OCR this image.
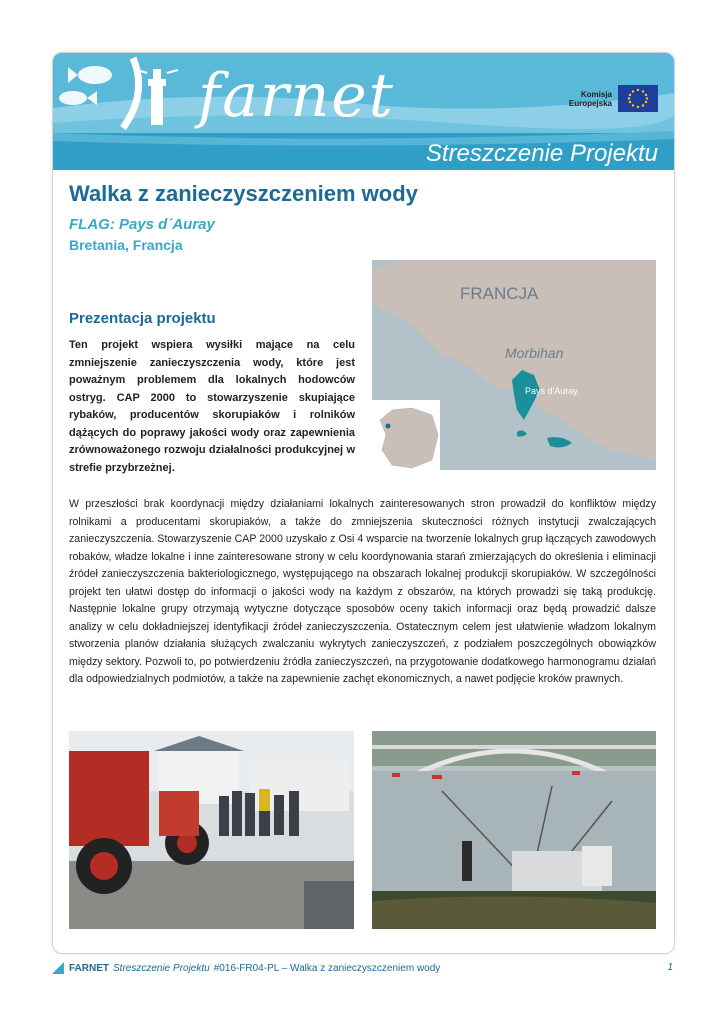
farnet	Komisja
Europejska
Streszczenie Projektu
Walka z zanieczyszczeniem wody
FLAG: Pays d´Auray
Bretania, Francja
Prezentacja projektu
Ten projekt wspiera wysiłki mające na celu zmniejszenie zanieczyszczenia wody, które jest poważnym problemem dla lokalnych hodowców ostryg. CAP 2000 to stowarzyszenie skupiające rybaków, producentów skorupiaków i rolników dążących do poprawy jakości wody oraz zapewnienia zrównoważonego rozwoju działalności produkcyjnej w strefie przybrzeżnej.
FRANCJA
Morbihan
Pays d'Auray
W przeszłości brak koordynacji między działaniami lokalnych zainteresowanych stron prowadził do konfliktów między rolnikami a producentami skorupiaków, a także do zmniejszenia skuteczności różnych instytucji zwalczających zanieczyszczenia. Stowarzyszenie CAP 2000 uzyskało z Osi 4 wsparcie na tworzenie lokalnych grup łączących zawodowych robaków, władze lokalne i inne zainteresowane strony w celu koordynowania starań zmierzających do określenia i eliminacji źródeł zanieczyszczenia bakteriologicznego, występującego na obszarach lokalnej produkcji skorupiaków. W szczególności projekt ten ułatwi dostęp do informacji o jakości wody na każdym z obszarów, na których prowadzi się taką produkcję. Następnie lokalne grupy otrzymają wytyczne dotyczące sposobów oceny takich informacji oraz będą prowadzić dalsze analizy w celu dokładniejszej identyfikacji źródeł zanieczyszczenia. Ostatecznym celem jest ułatwienie władzom lokalnym stworzenia planów działania służących zwalczaniu wykrytych zanieczyszczeń, z podziałem poszczególnych obowiązków między sektory. Pozwoli to, po potwierdzeniu źródła zanieczyszczeń, na przygotowanie dodatkowego harmonogramu działań dla odpowiedzialnych podmiotów, a także na zapewnienie zachęt ekonomicznych, a nawet podjęcie kroków prawnych.
FARNET Streszczenie Projektu #016-FR04-PL – Walka z zanieczyszczeniem wody	1
